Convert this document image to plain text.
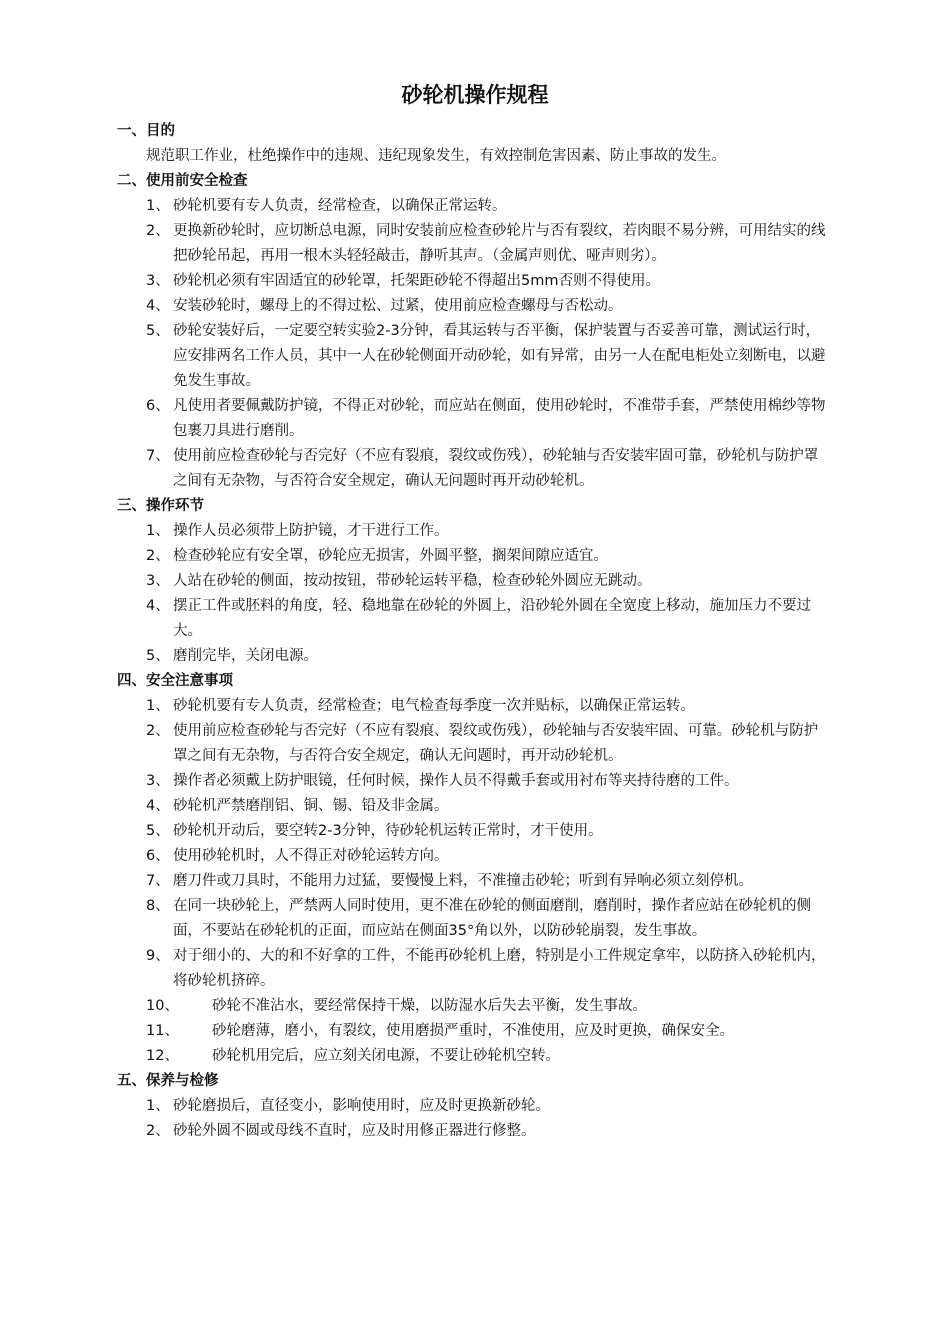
砂轮机操作规程
一、目的
规范职工作业，杜绝操作中的违规、违纪现象发生，有效控制危害因素、防止事故的发生。
二、使用前安全检查
1、 砂轮机要有专人负责，经常检查，以确保正常运转。
2、 更换新砂轮时，应切断总电源，同时安装前应检查砂轮片与否有裂纹，若肉眼不易分辨，可用结实的线把砂轮吊起，再用一根木头轻轻敲击，静听其声。（金属声则优、哑声则劣）。
3、 砂轮机必须有牢固适宜的砂轮罩，托架距砂轮不得超出5mm否则不得使用。
4、 安装砂轮时，螺母上的不得过松、过紧，使用前应检查螺母与否松动。
5、 砂轮安装好后，一定要空转实验2-3分钟，看其运转与否平衡，保护装置与否妥善可靠，测试运行时，应安排两名工作人员，其中一人在砂轮侧面开动砂轮，如有异常，由另一人在配电柜处立刻断电，以避免发生事故。
6、 凡使用者要佩戴防护镜，不得正对砂轮，而应站在侧面，使用砂轮时，不准带手套，严禁使用棉纱等物包裹刀具进行磨削。
7、 使用前应检查砂轮与否完好（不应有裂痕，裂纹或伤残），砂轮轴与否安装牢固可靠，砂轮机与防护罩之间有无杂物，与否符合安全规定，确认无问题时再开动砂轮机。
三、操作环节
1、 操作人员必须带上防护镜，才干进行工作。
2、 检查砂轮应有安全罩，砂轮应无损害，外圆平整，搁架间隙应适宜。
3、 人站在砂轮的侧面，按动按钮，带砂轮运转平稳，检查砂轮外圆应无跳动。
4、 摆正工件或胚料的角度，轻、稳地靠在砂轮的外圆上，沿砂轮外圆在全宽度上移动，施加压力不要过大。
5、 磨削完毕，关闭电源。
四、安全注意事项
1、 砂轮机要有专人负责，经常检查；电气检查每季度一次并贴标，以确保正常运转。
2、 使用前应检查砂轮与否完好（不应有裂痕、裂纹或伤残），砂轮轴与否安装牢固、可靠。砂轮机与防护罩之间有无杂物，与否符合安全规定，确认无问题时，再开动砂轮机。
3、 操作者必须戴上防护眼镜，任何时候，操作人员不得戴手套或用衬布等夹持待磨的工件。
4、 砂轮机严禁磨削铝、铜、锡、铅及非金属。
5、 砂轮机开动后，要空转2-3分钟，待砂轮机运转正常时，才干使用。
6、 使用砂轮机时，人不得正对砂轮运转方向。
7、 磨刀件或刀具时，不能用力过猛，要慢慢上料，不准撞击砂轮；听到有异响必须立刻停机。
8、 在同一块砂轮上，严禁两人同时使用，更不准在砂轮的侧面磨削，磨削时，操作者应站在砂轮机的侧面，不要站在砂轮机的正面，而应站在侧面35°角以外，以防砂轮崩裂，发生事故。
9、 对于细小的、大的和不好拿的工件，不能再砂轮机上磨，特别是小工件规定拿牢，以防挤入砂轮机内，将砂轮机挤碎。
10、 砂轮不准沾水，要经常保持干燥，以防湿水后失去平衡，发生事故。
11、 砂轮磨薄，磨小，有裂纹，使用磨损严重时，不准使用，应及时更换，确保安全。
12、 砂轮机用完后，应立刻关闭电源，不要让砂轮机空转。
五、保养与检修
1、 砂轮磨损后，直径变小，影响使用时，应及时更换新砂轮。
2、 砂轮外圆不圆或母线不直时，应及时用修正器进行修整。
